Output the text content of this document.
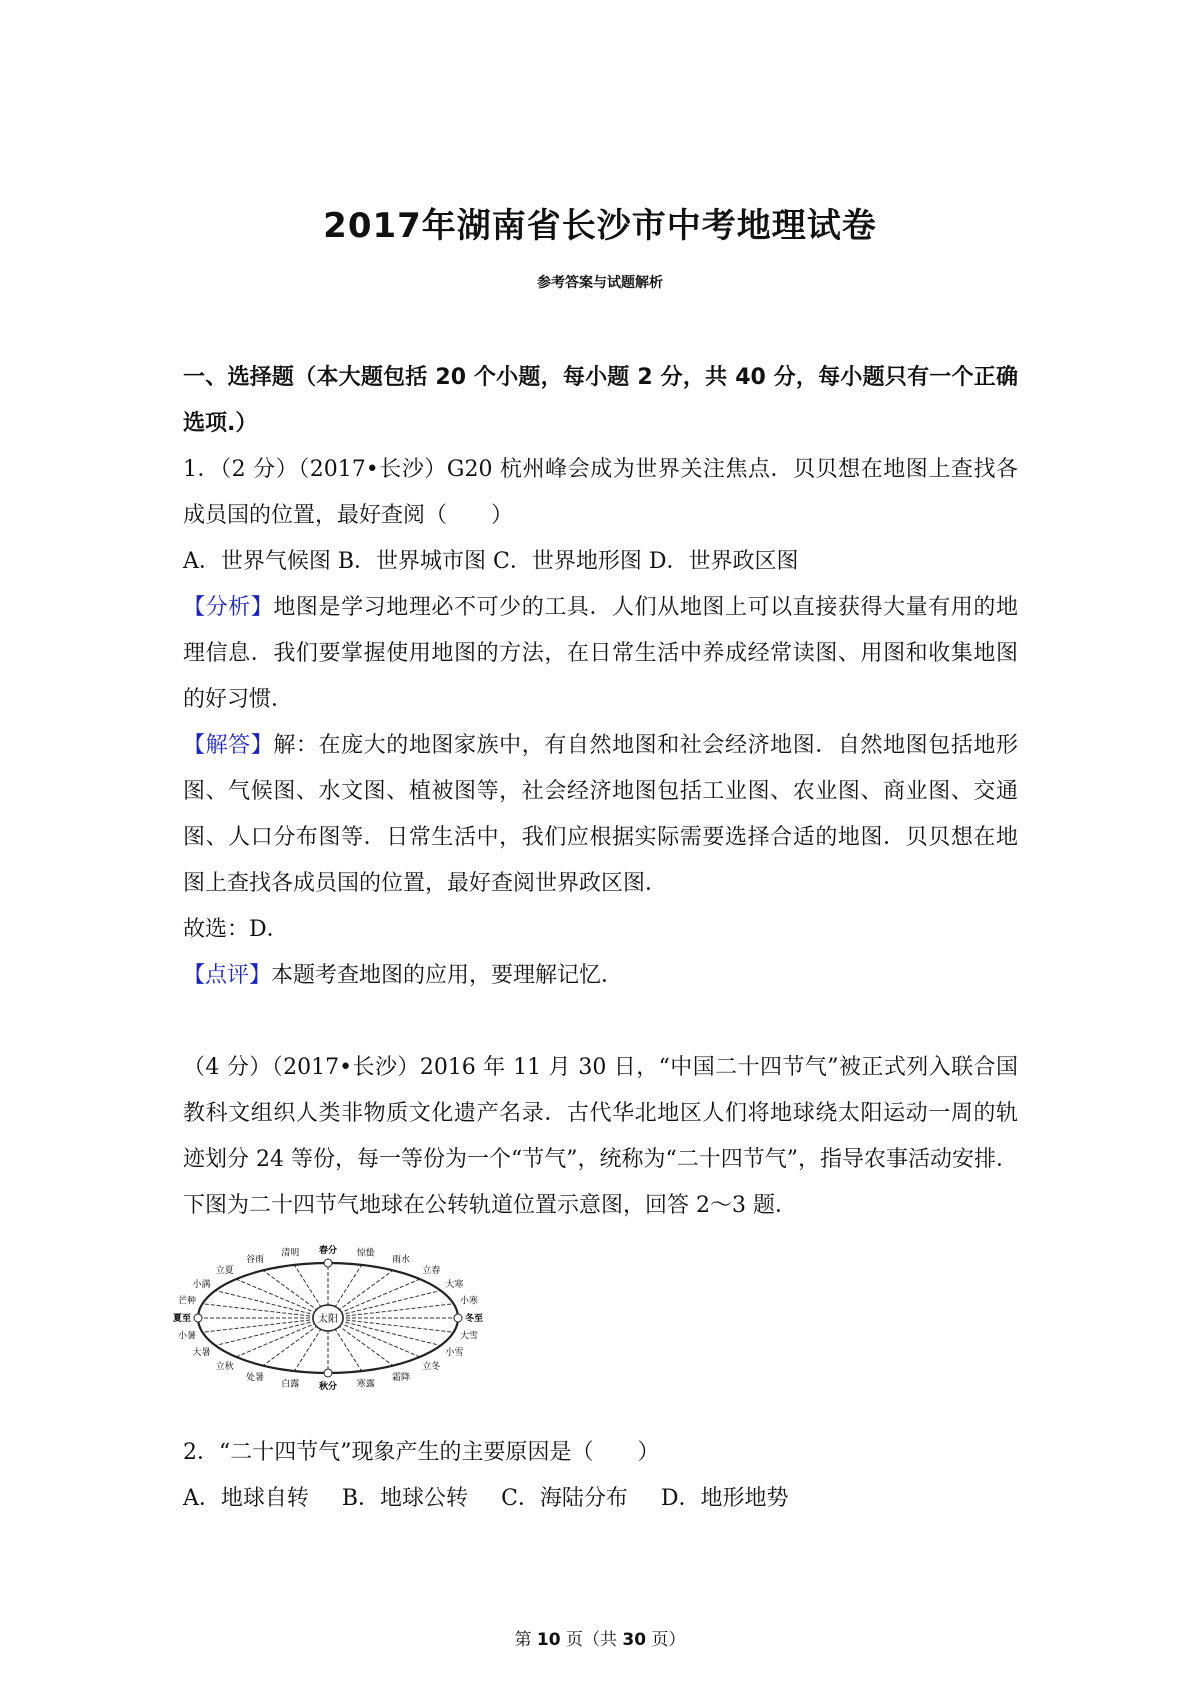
2017年湖南省长沙市中考地理试卷
参考答案与试题解析

一、选择题（本大题包括 20 个小题，每小题 2 分，共 40 分，每小题只有一个正确选项.）

1．（2 分）（2017•长沙）G20 杭州峰会成为世界关注焦点．贝贝想在地图上查找各成员国的位置，最好查阅（　　）

A．世界气候图 B．世界城市图 C．世界地形图 D．世界政区图

【分析】地图是学习地理必不可少的工具．人们从地图上可以直接获得大量有用的地理信息．我们要掌握使用地图的方法，在日常生活中养成经常读图、用图和收集地图的好习惯．

【解答】解：在庞大的地图家族中，有自然地图和社会经济地图．自然地图包括地形图、气候图、水文图、植被图等，社会经济地图包括工业图、农业图、商业图、交通图、人口分布图等．日常生活中，我们应根据实际需要选择合适的地图．贝贝想在地图上查找各成员国的位置，最好查阅世界政区图．

故选：D．

【点评】本题考查地图的应用，要理解记忆．

（4 分）（2017•长沙）2016 年 11 月 30 日，“中国二十四节气”被正式列入联合国教科文组织人类非物质文化遗产名录．古代华北地区人们将地球绕太阳运动一周的轨迹划分 24 等份，每一等份为一个“节气”，统称为“二十四节气”，指导农事活动安排．下图为二十四节气地球在公转轨道位置示意图，回答 2～3 题．

太阳
春分 惊蛰
雨水
立春
大寒
小寒
冬至
大雪
小雪
立冬
霜降
寒露
秋分
白露
处暑
立秋
大暑
小暑
夏至
芒种
小满
立夏
谷雨
清明

2．“二十四节气”现象产生的主要原因是（　　）

A．地球自转 B．地球公转 C．海陆分布 D．地形地势

第 10 页（共 30 页）
